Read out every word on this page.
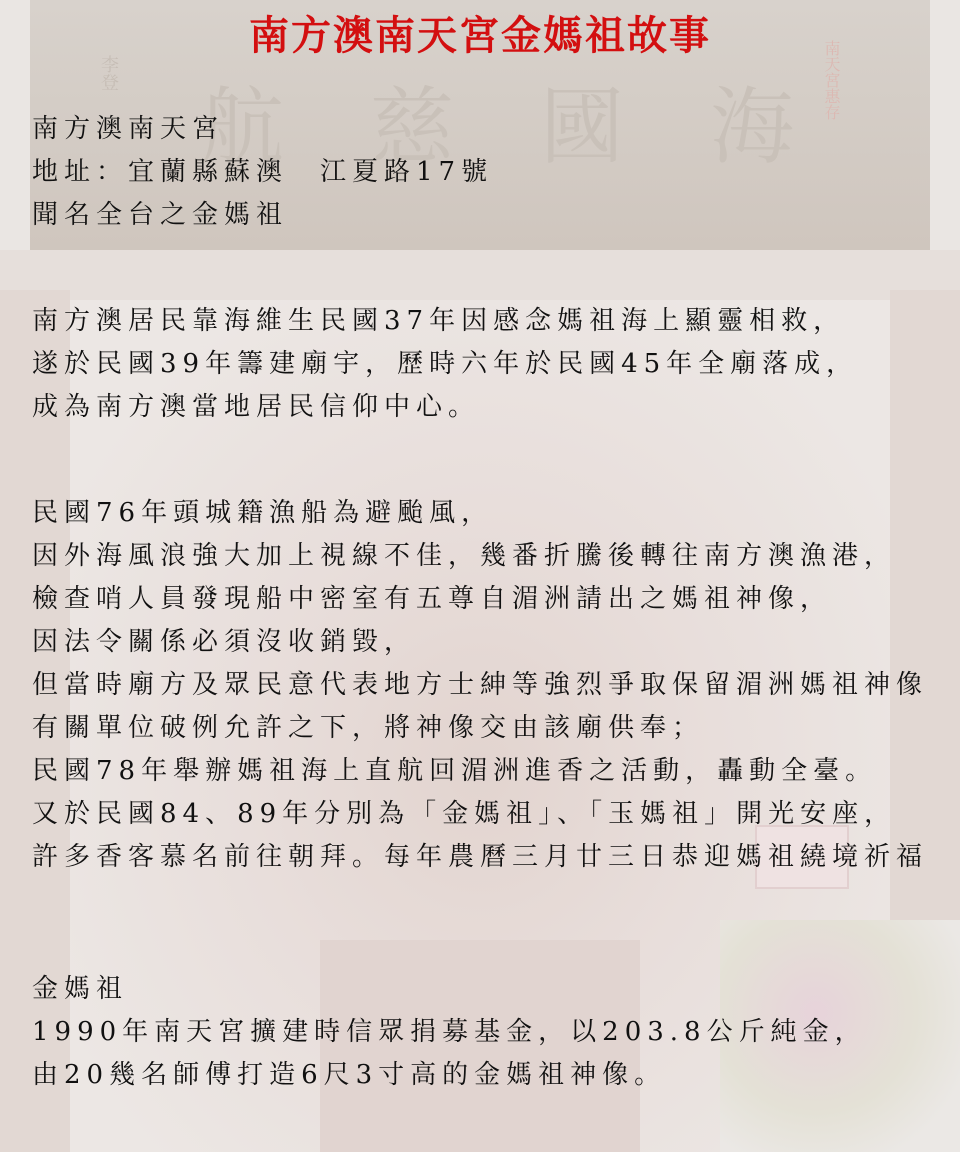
航 慈 國 海
李登	南天宮惠存
南方澳南天宮金媽祖故事
南方澳南天宮
地址：宜蘭縣蘇澳　江夏路17號
聞名全台之金媽祖
南方澳居民靠海維生民國37年因感念媽祖海上顯靈相救，
遂於民國39年籌建廟宇，歷時六年於民國45年全廟落成，
成為南方澳當地居民信仰中心。
民國76年頭城籍漁船為避颱風，
因外海風浪強大加上視線不佳，幾番折騰後轉往南方澳漁港，
檢查哨人員發現船中密室有五尊自湄洲請出之媽祖神像，
因法令關係必須沒收銷毀，
但當時廟方及眾民意代表地方士紳等強烈爭取保留湄洲媽祖神像
有關單位破例允許之下，將神像交由該廟供奉；
民國78年舉辦媽祖海上直航回湄洲進香之活動，轟動全臺。
又於民國84、89年分別為「金媽祖」、「玉媽祖」開光安座，
許多香客慕名前往朝拜。每年農曆三月廿三日恭迎媽祖繞境祈福
金媽祖
1990年南天宮擴建時信眾捐募基金，以203.8公斤純金，
由20幾名師傅打造6尺3寸高的金媽祖神像。
